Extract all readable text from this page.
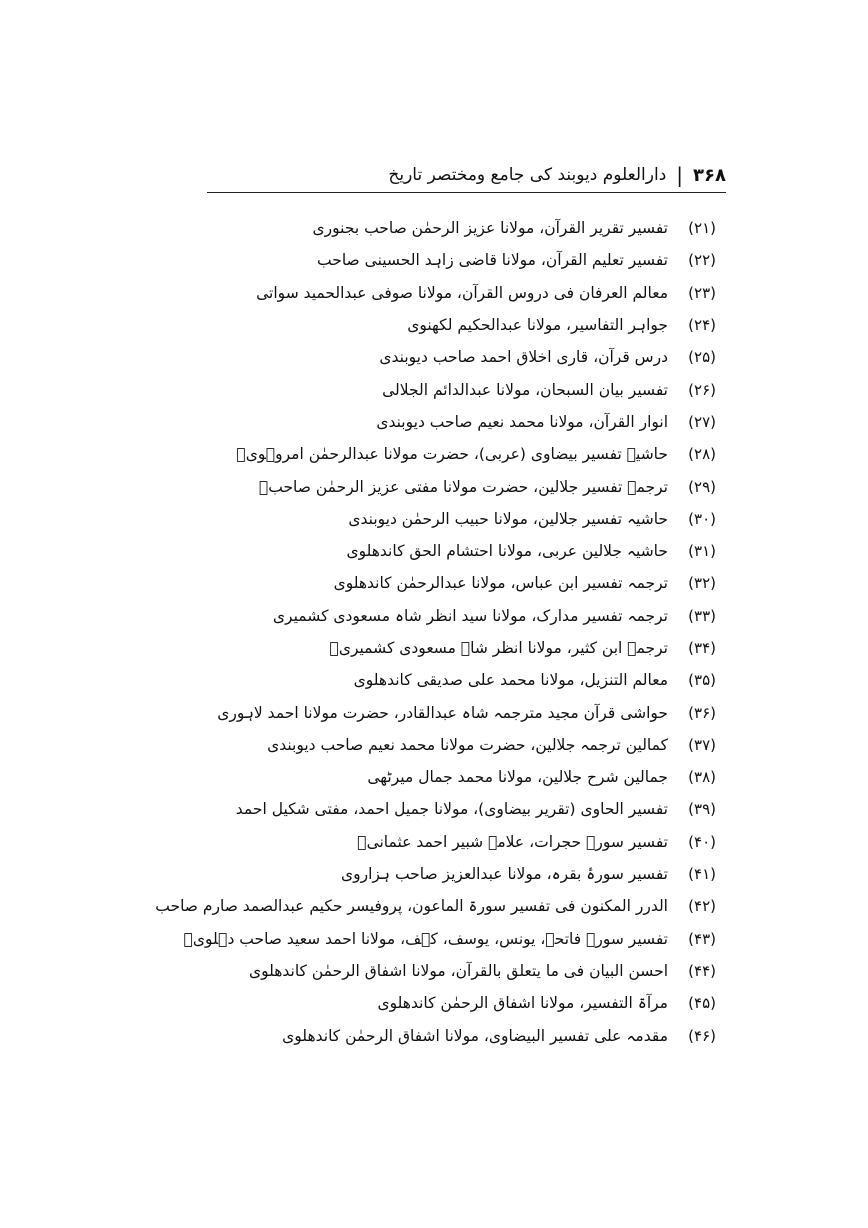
۳۶۸
|
دارالعلوم دیوبند کی جامع ومختصر تاریخ
(۲۱)
تفسیر تقریر القرآن، مولانا عزیز الرحمٰن صاحب بجنوری
(۲۲)
تفسیر تعلیم القرآن، مولانا قاضی زاہد الحسینی صاحب
(۲۳)
معالم العرفان فی دروس القرآن، مولانا صوفی عبدالحمید سواتی
(۲۴)
جواہر التفاسیر، مولانا عبدالحکیم لکھنوی
(۲۵)
درس قرآن، قاری اخلاق احمد صاحب دیوبندی
(۲۶)
تفسیر بیان السبحان، مولانا عبدالدائم الجلالی
(۲۷)
انوار القرآن، مولانا محمد نعیم صاحب دیوبندی
(۲۸)
حاشیہ تفسیر بیضاوی (عربی)، حضرت مولانا عبدالرحمٰن امروہویؒ
(۲۹)
ترجمہ تفسیر جلالین، حضرت مولانا مفتی عزیز الرحمٰن صاحبؒ
(۳۰)
حاشیہ تفسیر جلالین، مولانا حبیب الرحمٰن دیوبندی
(۳۱)
حاشیہ جلالین عربی، مولانا احتشام الحق کاندھلوی
(۳۲)
ترجمہ تفسیر ابن عباس، مولانا عبدالرحمٰن کاندھلوی
(۳۳)
ترجمہ تفسیر مدارک، مولانا سید انظر شاہ مسعودی کشمیری
(۳۴)
ترجمہ ابن کثیر، مولانا انظر شاہ مسعودی کشمیریؒ
(۳۵)
معالم التنزیل، مولانا محمد علی صدیقی کاندھلوی
(۳۶)
حواشی قرآن مجید مترجمہ شاہ عبدالقادر، حضرت مولانا احمد لاہوری
(۳۷)
کمالین ترجمہ جلالین، حضرت مولانا محمد نعیم صاحب دیوبندی
(۳۸)
جمالین شرح جلالین، مولانا محمد جمال میرٹھی
(۳۹)
تفسیر الحاوی (تقریر بیضاوی)، مولانا جمیل احمد، مفتی شکیل احمد
(۴۰)
تفسیر سورۂ حجرات، علامہ شبیر احمد عثمانیؒ
(۴۱)
تفسیر سورۂ بقرہ، مولانا عبدالعزیز صاحب ہزاروی
(۴۲)
الدرر المکنون فی تفسیر سورۃ الماعون، پروفیسر حکیم عبدالصمد صارم صاحب
(۴۳)
تفسیر سورۂ فاتحہ، یونس، یوسف، کہف، مولانا احمد سعید صاحب دہلویؒ
(۴۴)
احسن البیان فی ما یتعلق بالقرآن، مولانا اشفاق الرحمٰن کاندھلوی
(۴۵)
مرآۃ التفسیر، مولانا اشفاق الرحمٰن کاندھلوی
(۴۶)
مقدمہ علی تفسیر البیضاوی، مولانا اشفاق الرحمٰن کاندھلوی
